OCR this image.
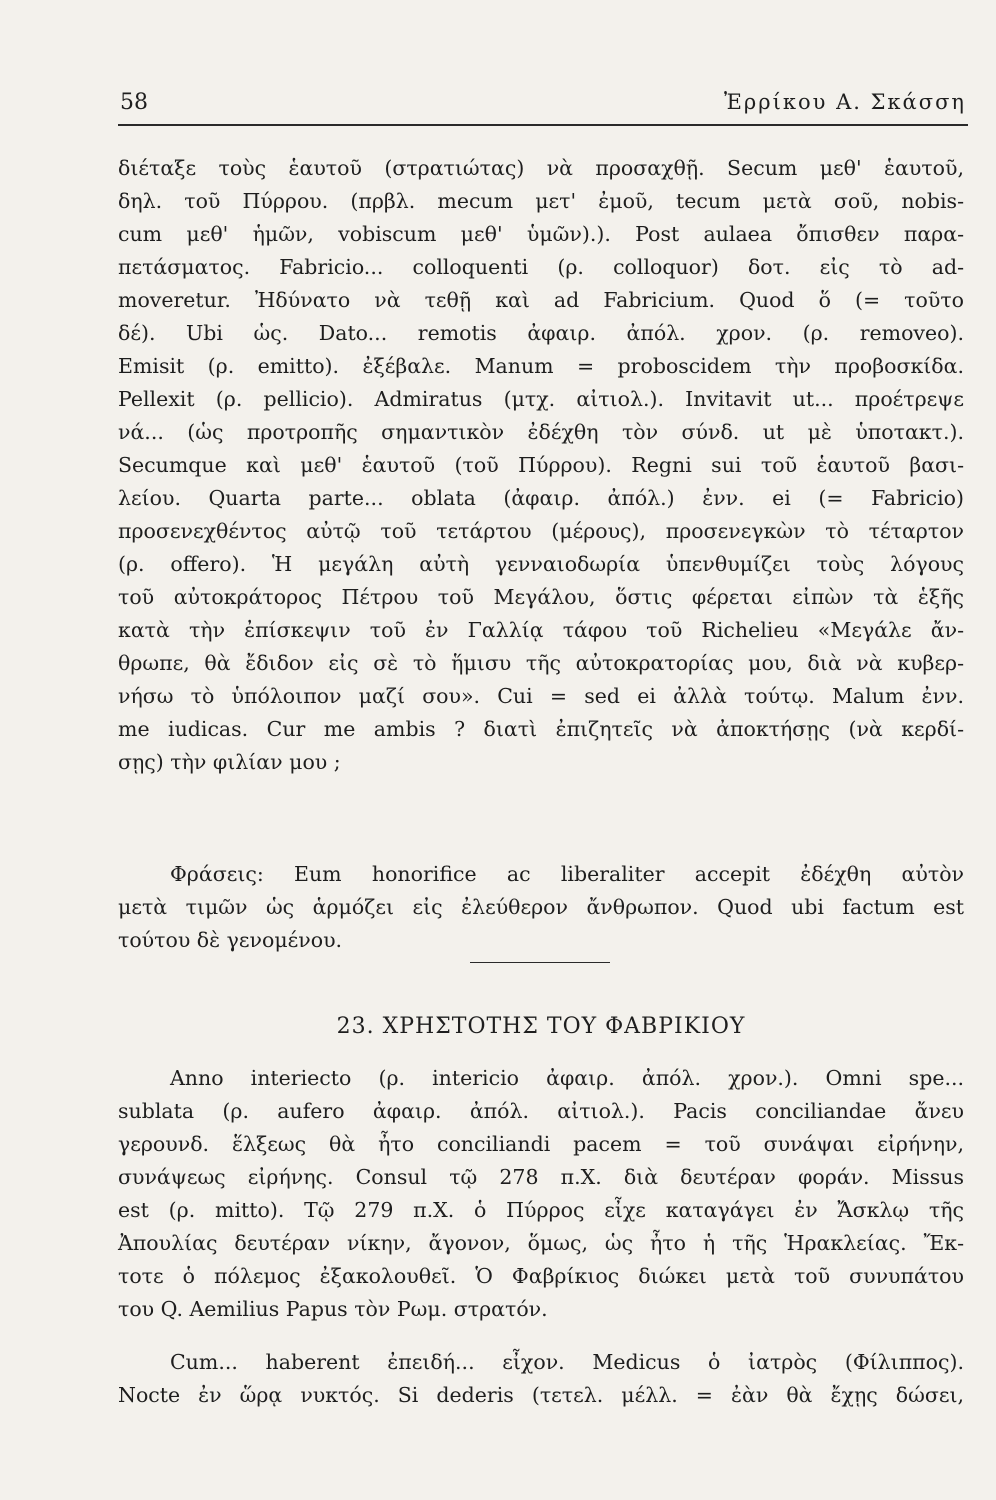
58	Ἐρρίκου Α. Σκάσση
διέταξε τοὺς ἑαυτοῦ (στρατιώτας) νὰ προσαχθῇ. Secum μεθ' ἑαυτοῦ,
δηλ. τοῦ Πύρρου. (πρβλ. mecum μετ' ἐμοῦ, tecum μετὰ σοῦ, nobis-
cum μεθ' ἡμῶν, vobiscum μεθ' ὑμῶν).). Post aulaea ὄπισθεν παρα-
πετάσματος. Fabricio... colloquenti (ρ. colloquor) δοτ. εἰς τὸ ad-
moveretur. Ἠδύνατο νὰ τεθῇ καὶ ad Fabricium. Quod ὅ (= τοῦτο
δέ). Ubi ὡς. Dato... remotis ἀφαιρ. ἀπόλ. χρον. (ρ. removeo).
Emisit (ρ. emitto). ἐξέβαλε. Manum = proboscidem τὴν προβοσκίδα.
Pellexit (ρ. pellicio). Admiratus (μτχ. αἰτιολ.). Invitavit ut... προέτρεψε
νά... (ὡς προτροπῆς σημαντικὸν ἐδέχθη τὸν σύνδ. ut μὲ ὑποτακτ.).
Secumque καὶ μεθ' ἑαυτοῦ (τοῦ Πύρρου). Regni sui τοῦ ἑαυτοῦ βασι-
λείου. Quarta parte... oblata (ἀφαιρ. ἀπόλ.) ἐνν. ei (= Fabricio)
προσενεχθέντος αὐτῷ τοῦ τετάρτου (μέρους), προσενεγκὼν τὸ τέταρτον
(ρ. offero). Ἡ μεγάλη αὐτὴ γενναιοδωρία ὑπενθυμίζει τοὺς λόγους
τοῦ αὐτοκράτορος Πέτρου τοῦ Μεγάλου, ὅστις φέρεται εἰπὼν τὰ ἑξῆς
κατὰ τὴν ἐπίσκεψιν τοῦ ἐν Γαλλίᾳ τάφου τοῦ Richelieu «Μεγάλε ἄν-
θρωπε, θὰ ἔδιδον εἰς σὲ τὸ ἥμισυ τῆς αὐτοκρατορίας μου, διὰ νὰ κυβερ-
νήσω τὸ ὑπόλοιπον μαζί σου». Cui = sed ei ἀλλὰ τούτῳ. Malum ἐνν.
me iudicas. Cur me ambis ? διατὶ ἐπιζητεῖς νὰ ἀποκτήσῃς (νὰ κερδί-
σῃς) τὴν φιλίαν μου ;
Φράσεις: Eum honorifice ac liberaliter accepit ἐδέχθη αὐτὸν
μετὰ τιμῶν ὡς ἁρμόζει εἰς ἐλεύθερον ἄνθρωπον. Quod ubi factum est
τούτου δὲ γενομένου.
23. ΧΡΗΣΤΟΤΗΣ ΤΟΥ ΦΑΒΡΙΚΙΟΥ
Anno interiecto (ρ. intericio ἀφαιρ. ἀπόλ. χρον.). Omni spe...
sublata (ρ. aufero ἀφαιρ. ἀπόλ. αἰτιολ.). Pacis conciliandae ἄνευ
γερουνδ. ἕλξεως θὰ ἦτο conciliandi pacem = τοῦ συνάψαι εἰρήνην,
συνάψεως εἰρήνης. Consul τῷ 278 π.Χ. διὰ δευτέραν φοράν. Missus
est (ρ. mitto). Τῷ 279 π.Χ. ὁ Πύρρος εἶχε καταγάγει ἐν Ἄσκλῳ τῆς
Ἀπουλίας δευτέραν νίκην, ἄγονον, ὅμως, ὡς ἦτο ἡ τῆς Ἡρακλείας. Ἔκ-
τοτε ὁ πόλεμος ἐξακολουθεῖ. Ὁ Φαβρίκιος διώκει μετὰ τοῦ συνυπάτου
του Q. Aemilius Papus τὸν Ρωμ. στρατόν.
Cum... haberent ἐπειδή... εἶχον. Medicus ὁ ἰατρὸς (Φίλιππος).
Nocte ἐν ὥρᾳ νυκτός. Si dederis (τετελ. μέλλ. = ἐὰν θὰ ἔχῃς δώσει,
